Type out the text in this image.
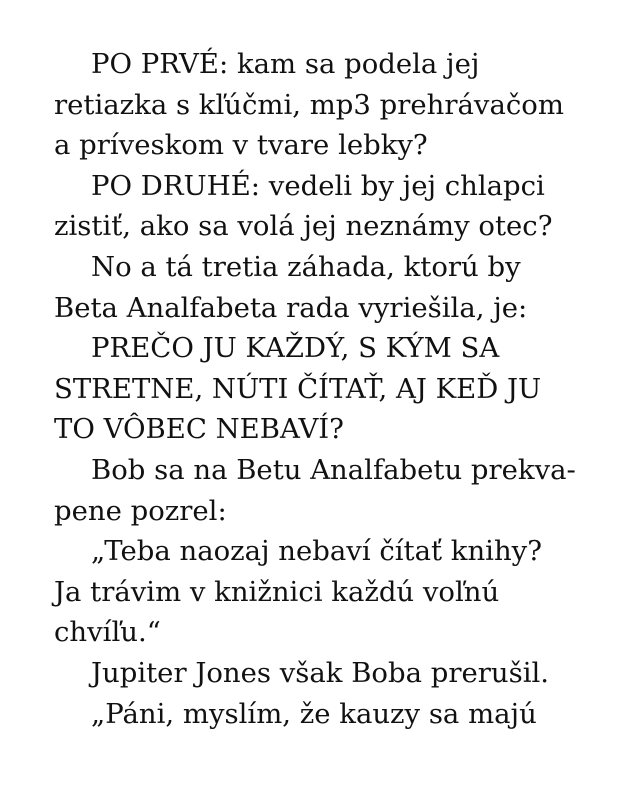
PO PRVÉ: kam sa podela jej
retiazka s kľúčmi, mp3 prehrávačom
a príveskom v tvare lebky?
PO DRUHÉ: vedeli by jej chlapci
zistiť, ako sa volá jej neznámy otec?
No a tá tretia záhada, ktorú by
Beta Analfabeta rada vyriešila, je:
PREČO JU KAŽDÝ, S KÝM SA
STRETNE, NÚTI ČÍTAŤ, AJ KEĎ JU
TO VÔBEC NEBAVÍ?
Bob sa na Betu Analfabetu prekva-
pene pozrel:
„Teba naozaj nebaví čítať knihy?
Ja trávim v knižnici každú voľnú
chvíľu.“
Jupiter Jones však Boba prerušil.
„Páni, myslím, že kauzy sa majú
